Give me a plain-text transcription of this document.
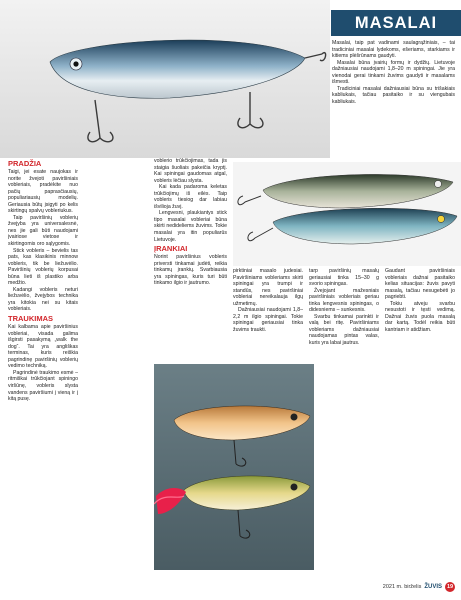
MASALAI

Masalai, taip pat vadinami saulagrąžiniais, – tai tradiciniai masalai lydekoms, ešeriams, starkiams ir kitiems plėšrūnams gaudyti.

Masalai būna įvairių formų ir dydžių. Lietuvoje dažniausiai naudojami 1,8–20 m spiningai. Jie yra vienodai gerai tinkami žuvims gaudyti ir masalams išmesti.

Tradiciniai masalai dažniausiai būna su trišakiais kabliukais, tačiau pasitaiko ir su viengubais kabliukais.

PRADŽIA

Taigi, jei esate naujokas ir norite žvejoti paviršiniais vobleriais, pradėkite nuo pačių paprasčiausių, populiariausių modelių. Geriausia būtų įsigyti po kelis skirtingų spalvų vobleriukus.

Taip paviršinių voblerių žvejyba yra universalesnė, nes jie gali būti naudojami įvairiose vietose ir skirtingomis oro sąlygomis.

Stick vobleris – bevielis tas pats, kas klasikinis minnow vobleris, tik be liežuvėlio. Paviršinių voblerių korpusai būna lieti iš plastiko arba medžio.

Kadangi vobleris neturi liežuvėlio, žvejybos technika yra kitokia nei su kitais vobleriais.

TRAUKIMAS

Kai kalbama apie paviršinius vobleriai, visada galima išgirsti pasakymą „walk the dog“. Tai yra angliškas terminas, kuris reiškia pagrindinę paviršinių voblerių vedimo techniką.

Pagrindinė traukimo esmė – ritmiškai trūkčiojant spiningo viršūnę, vobleris slysta vandens paviršiumi į vieną ir į kitą pusę.

voblerio trūkčiojimas, tada jis staigia šuoliais pakeičia kryptį. Kai spiningai gaudomas atgal, vobleris lėčiau slysta.

Kai kada padaroma keletas trūkčiojimų iš eilės. Taip vobleris tiesiog dar labiau išvilioja žuvį.

Lengvesni, plaukiantys stick tipo masalai vobleriai būna skirti nedideliems žuvims. Tokie masalai yra itin populiarūs Lietuvoje.

ĮRANKIAI

Norint paviršinius vobleris priversti tinkamai judėti, reikia tinkamų įrankių. Svarbiausia yra spiningas, kuris turi būti tinkamo ilgio ir jautrumo.

pirktiniai masalo judesiai. Paviršiniams vobleriams skirti spiningai yra trumpi ir standūs, nes paviršiniai vobleriai nereikalauja ilgų užmetimų.

Dažniausiai naudojami 1,8–2,2 m ilgio spiningai. Tokie spiningai geriausiai tinka žuvims traukti.

tarp paviršinių masalų geriausiai tinka 15–30 g svorio spiningas.

Žvejojant mažesniais paviršiniais vobleriais geriau tinka lengvesnis spiningas, o didesniems – sunkesnis.

Svarbu tinkamai parinkti ir valą bei ritę. Paviršiniams vobleriams dažniausiai naudojamas pintas valas, kuris yra labai jautrus.

Gaudant paviršiniais vobleriais dažnai pasitaiko kelias situacijas: žuvis pavyti masalą, tačiau nesugebėti jo pagriebti.

Tokiu atveju svarbu nesustoti ir tęsti vedimą. Dažnai žuvis puola masalą dar kartą. Todėl reikia būti kantriam ir atidžiam.

2021 m. birželis ŽUVIS 19
